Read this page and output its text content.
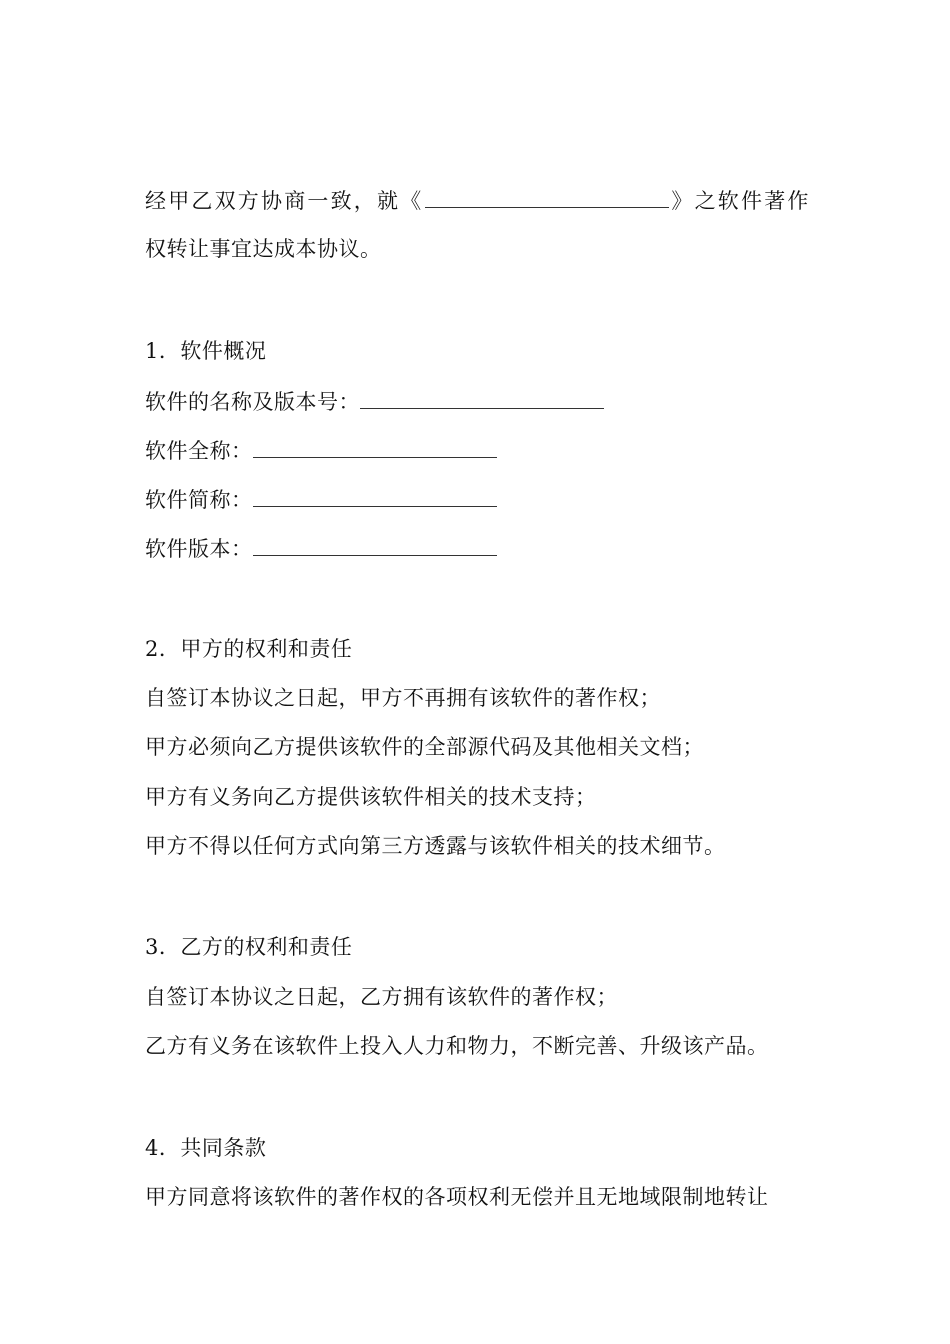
经甲乙双方协商一致，就《	》之软件著作
权转让事宜达成本协议。
1．软件概况
软件的名称及版本号：
软件全称：
软件简称：
软件版本：
2．甲方的权利和责任
自签订本协议之日起，甲方不再拥有该软件的著作权；
甲方必须向乙方提供该软件的全部源代码及其他相关文档；
甲方有义务向乙方提供该软件相关的技术支持；
甲方不得以任何方式向第三方透露与该软件相关的技术细节。
3．乙方的权利和责任
自签订本协议之日起，乙方拥有该软件的著作权；
乙方有义务在该软件上投入人力和物力，不断完善、升级该产品。
4．共同条款
甲方同意将该软件的著作权的各项权利无偿并且无地域限制地转让
